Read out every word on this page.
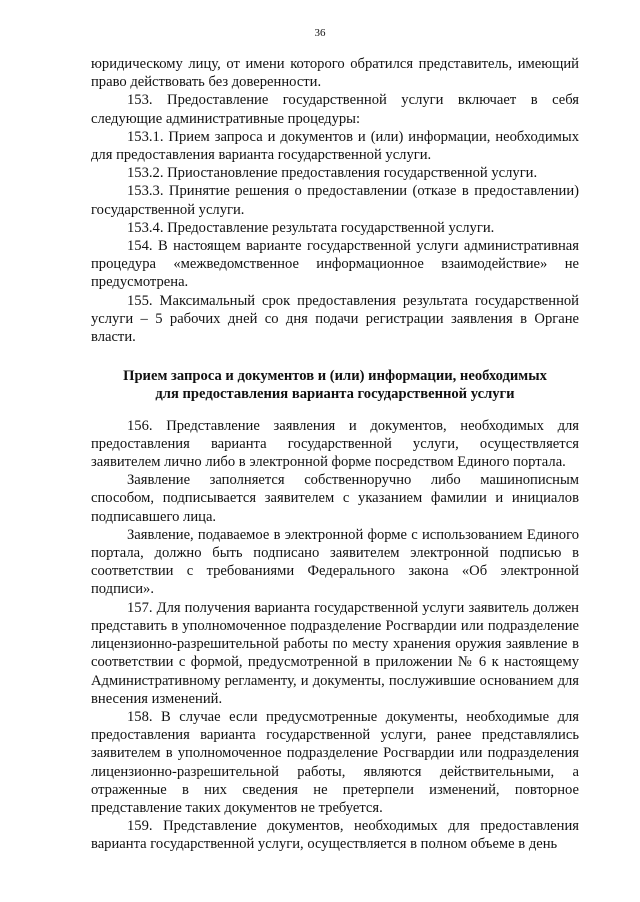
36

юридическому лицу, от имени которого обратился представитель, имеющий право действовать без доверенности.

153. Предоставление государственной услуги включает в себя следующие административные процедуры:

153.1. Прием запроса и документов и (или) информации, необходимых для предоставления варианта государственной услуги.

153.2. Приостановление предоставления государственной услуги.

153.3. Принятие решения о предоставлении (отказе в предоставлении) государственной услуги.

153.4. Предоставление результата государственной услуги.

154. В настоящем варианте государственной услуги административная процедура «межведомственное информационное взаимодействие» не предусмотрена.

155. Максимальный срок предоставления результата государственной услуги – 5 рабочих дней со дня подачи регистрации заявления в Органе власти.

Прием запроса и документов и (или) информации, необходимых
для предоставления варианта государственной услуги

156. Представление заявления и документов, необходимых для предоставления варианта государственной услуги, осуществляется заявителем лично либо в электронной форме посредством Единого портала.

Заявление заполняется собственноручно либо машинописным способом, подписывается заявителем с указанием фамилии и инициалов подписавшего лица.

Заявление, подаваемое в электронной форме с использованием Единого портала, должно быть подписано заявителем электронной подписью в соответствии с требованиями Федерального закона «Об электронной подписи».

157. Для получения варианта государственной услуги заявитель должен представить в уполномоченное подразделение Росгвардии или подразделение лицензионно-разрешительной работы по месту хранения оружия заявление в соответствии с формой, предусмотренной в приложении № 6 к настоящему Административному регламенту, и документы, послужившие основанием для внесения изменений.

158. В случае если предусмотренные документы, необходимые для предоставления варианта государственной услуги, ранее представлялись заявителем в уполномоченное подразделение Росгвардии или подразделения лицензионно-разрешительной работы, являются действительными, а отраженные в них сведения не претерпели изменений, повторное представление таких документов не требуется.

159. Представление документов, необходимых для предоставления варианта государственной услуги, осуществляется в полном объеме в день
